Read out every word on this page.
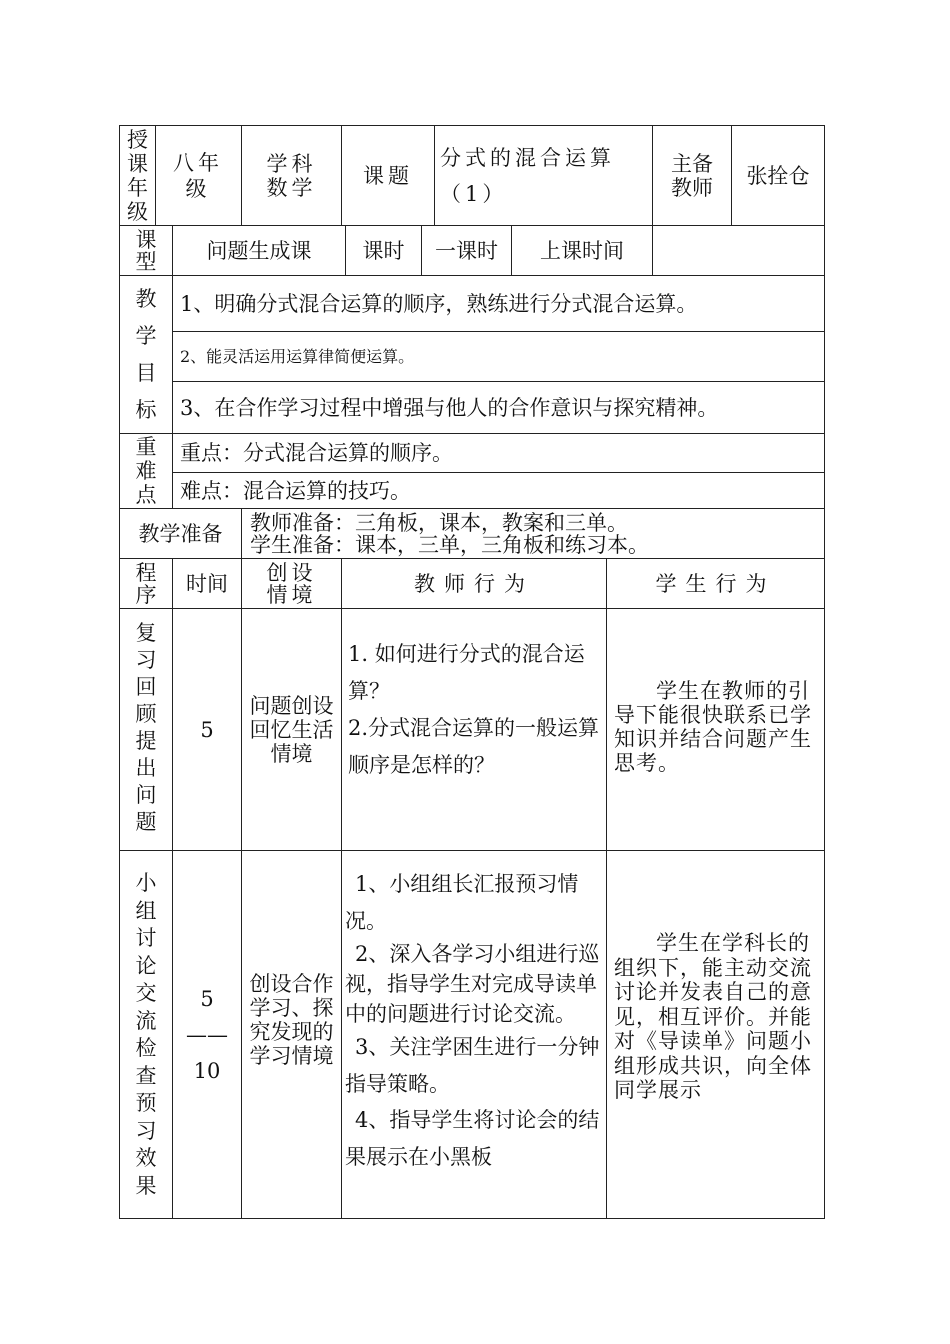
授课年级
八年级
学科
数学 课题
分式的混合运算（1）
主备教师 张拴仓
课型 问题生成课 课时 一课时 上课时间
教学目标
1、明确分式混合运算的顺序，熟练进行分式混合运算。
2、能灵活运用运算律简便运算。
3、在合作学习过程中增强与他人的合作意识与探究精神。
重难点
重点：分式混合运算的顺序。
难点：混合运算的技巧。
教学准备 教师准备：三角板，课本，教案和三单。
学生准备：课本，三单，三角板和练习本。
程序 时间 创设情境	教师行为	学生行为
复习回顾提出问题
5
问题创设回忆生活情境

1. 如何进行分式的混合运算？

2.分式混合运算的一般运算顺序是怎样的？

学生在教师的引导下能很快联系已学知识并结合问题产生思考。

小组讨论交流检查预习效果
5
——
10
创设合作学习、探究发现的学习情境

1、小组组长汇报预习情况。

2、深入各学习小组进行巡视，指导学生对完成导读单中的问题进行讨论交流。

3、关注学困生进行一分钟指导策略。

4、指导学生将讨论会的结果展示在小黑板

学生在学科长的组织下，能主动交流讨论并发表自己的意见，相互评价。并能对《导读单》问题小组形成共识，向全体同学展示
